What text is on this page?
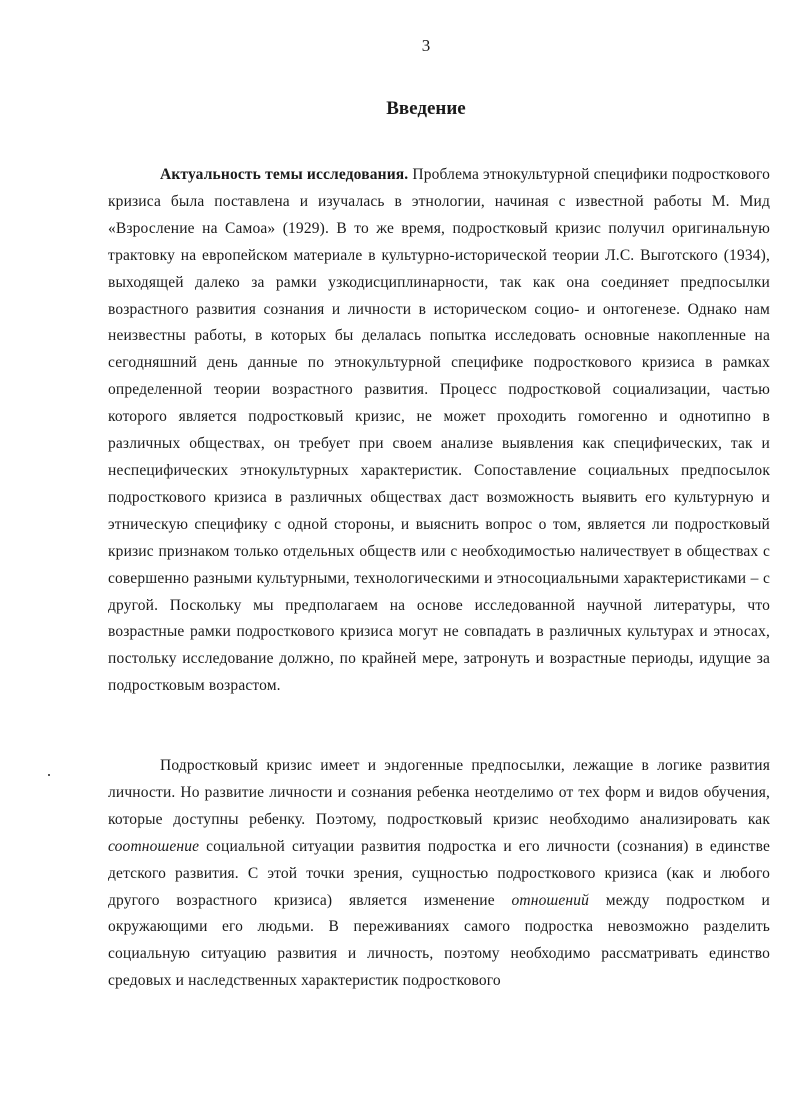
3
Введение

Актуальность темы исследования. Проблема этнокультурной специфики подросткового кризиса была поставлена и изучалась в этнологии, начиная с известной работы М. Мид «Взросление на Самоа» (1929). В то же время, подростковый кризис получил оригинальную трактовку на европейском материале в культурно-исторической теории Л.С. Выготского (1934), выходящей далеко за рамки узкодисциплинарности, так как она соединяет предпосылки возрастного развития сознания и личности в историческом социо- и онтогенезе. Однако нам неизвестны работы, в которых бы делалась попытка исследовать основные накопленные на сегодняшний день данные по этнокультурной специфике подросткового кризиса в рамках определенной теории возрастного развития. Процесс подростковой социализации, частью которого является подростковый кризис, не может проходить гомогенно и однотипно в различных обществах, он требует при своем анализе выявления как специфических, так и неспецифических этнокультурных характеристик. Сопоставление социальных предпосылок подросткового кризиса в различных обществах даст возможность выявить его культурную и этническую специфику с одной стороны, и выяснить вопрос о том, является ли подростковый кризис признаком только отдельных обществ или с необходимостью наличествует в обществах с совершенно разными культурными, технологическими и этносоциальными характеристиками – с другой. Поскольку мы предполагаем на основе исследованной научной литературы, что возрастные рамки подросткового кризиса могут не совпадать в различных культурах и этносах, постольку исследование должно, по крайней мере, затронуть и возрастные периоды, идущие за подростковым возрастом.

Подростковый кризис имеет и эндогенные предпосылки, лежащие в логике развития личности. Но развитие личности и сознания ребенка неотделимо от тех форм и видов обучения, которые доступны ребенку. Поэтому, подростковый кризис необходимо анализировать как соотношение социальной ситуации развития подростка и его личности (сознания) в единстве детского развития. С этой точки зрения, сущностью подросткового кризиса (как и любого другого возрастного кризиса) является изменение отношений между подростком и окружающими его людьми. В переживаниях самого подростка невозможно разделить социальную ситуацию развития и личность, поэтому необходимо рассматривать единство средовых и наследственных характеристик подросткового
